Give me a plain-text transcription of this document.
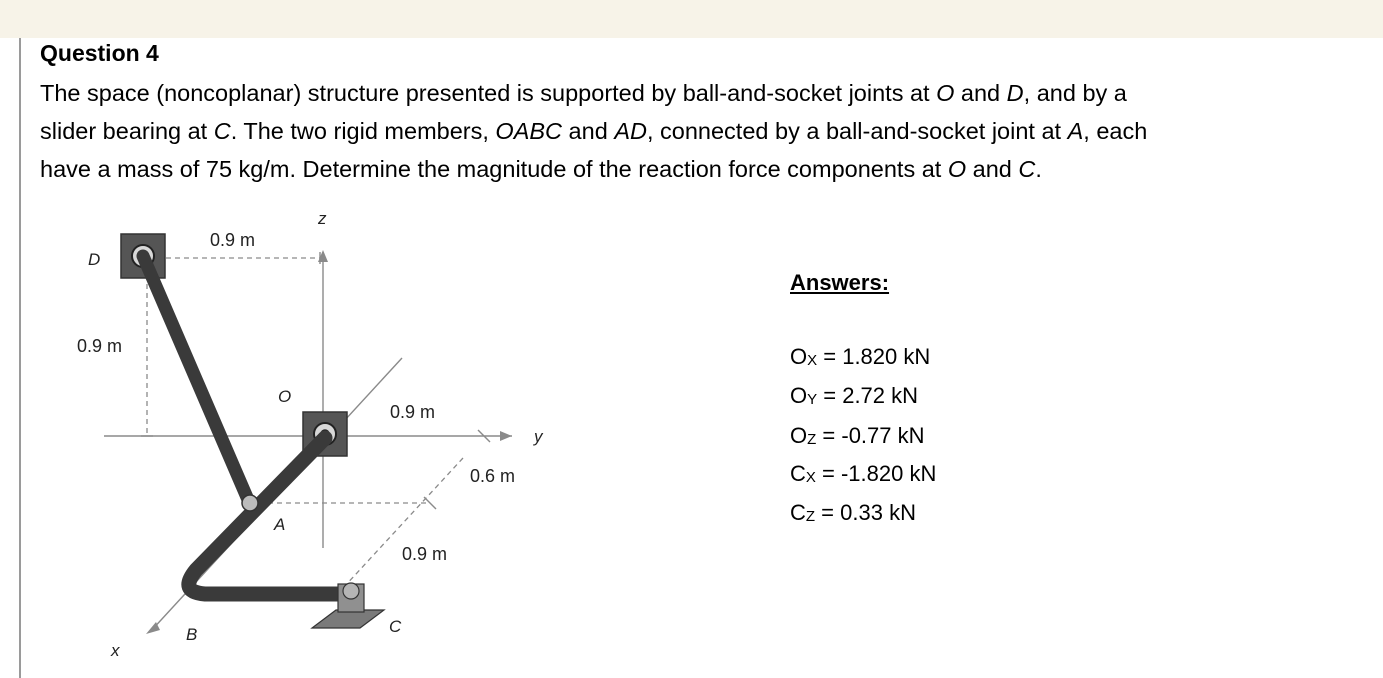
Question 4
The space (noncoplanar) structure presented is supported by ball-and-socket joints at O and D, and by a
slider bearing at C. The two rigid members, OABC and AD, connected by a ball-and-socket joint at A, each
have a mass of 75 kg/m. Determine the magnitude of the reaction force components at O and C.
Answers:
$O_X = 1.820$ kN
$O_Y = 2.72$ kN
$O_Z = -0.77$ kN
$C_X = -1.820$ kN
$C_Z = 0.33$ kN
D
z
O
A
B	C
x
y
0.9 m
0.9 m
0.9 m
0.6 m
0.9 m
